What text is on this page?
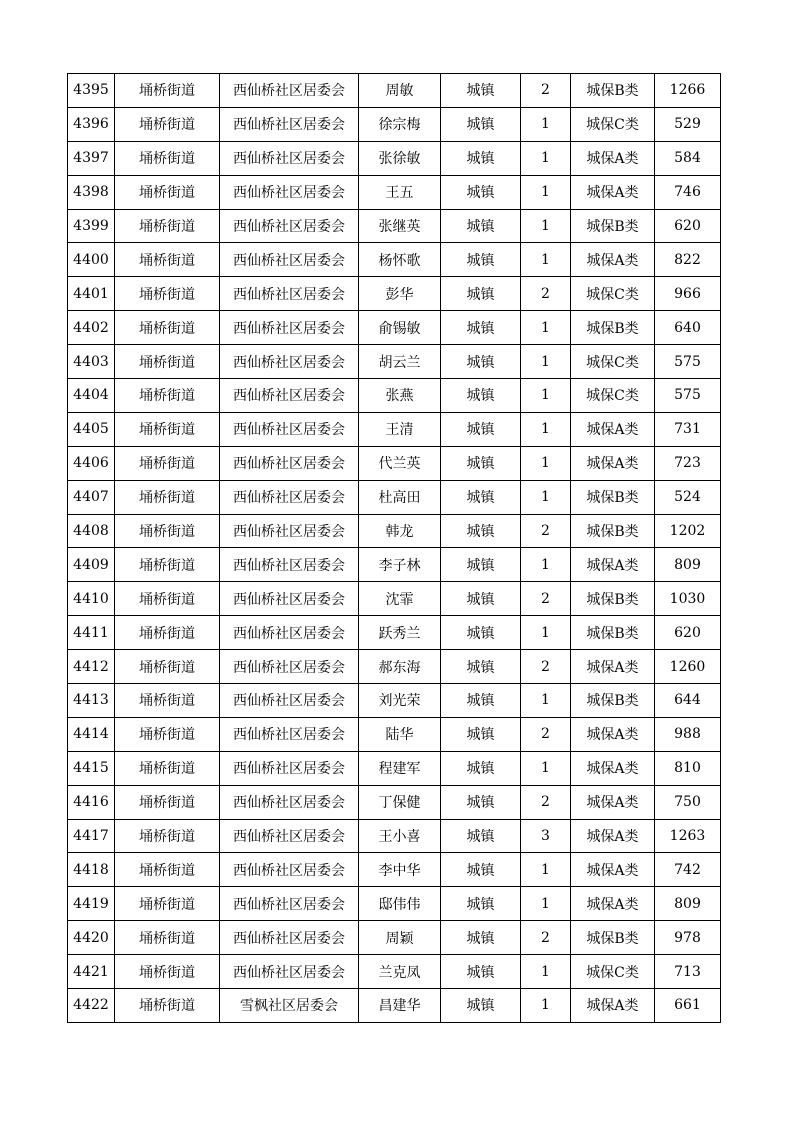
4395	埇桥街道	西仙桥社区居委会	周敏	城镇	2	城保B类	1266
4396	埇桥街道	西仙桥社区居委会	徐宗梅	城镇	1	城保C类	529
4397	埇桥街道	西仙桥社区居委会	张徐敏	城镇	1	城保A类	584
4398	埇桥街道	西仙桥社区居委会	王五	城镇	1	城保A类	746
4399	埇桥街道	西仙桥社区居委会	张继英	城镇	1	城保B类	620
4400	埇桥街道	西仙桥社区居委会	杨怀歌	城镇	1	城保A类	822
4401	埇桥街道	西仙桥社区居委会	彭华	城镇	2	城保C类	966
4402	埇桥街道	西仙桥社区居委会	俞锡敏	城镇	1	城保B类	640
4403	埇桥街道	西仙桥社区居委会	胡云兰	城镇	1	城保C类	575
4404	埇桥街道	西仙桥社区居委会	张燕	城镇	1	城保C类	575
4405	埇桥街道	西仙桥社区居委会	王清	城镇	1	城保A类	731
4406	埇桥街道	西仙桥社区居委会	代兰英	城镇	1	城保A类	723
4407	埇桥街道	西仙桥社区居委会	杜高田	城镇	1	城保B类	524
4408	埇桥街道	西仙桥社区居委会	韩龙	城镇	2	城保B类	1202
4409	埇桥街道	西仙桥社区居委会	李子林	城镇	1	城保A类	809
4410	埇桥街道	西仙桥社区居委会	沈霏	城镇	2	城保B类	1030
4411	埇桥街道	西仙桥社区居委会	跃秀兰	城镇	1	城保B类	620
4412	埇桥街道	西仙桥社区居委会	郝东海	城镇	2	城保A类	1260
4413	埇桥街道	西仙桥社区居委会	刘光荣	城镇	1	城保B类	644
4414	埇桥街道	西仙桥社区居委会	陆华	城镇	2	城保A类	988
4415	埇桥街道	西仙桥社区居委会	程建军	城镇	1	城保A类	810
4416	埇桥街道	西仙桥社区居委会	丁保健	城镇	2	城保A类	750
4417	埇桥街道	西仙桥社区居委会	王小喜	城镇	3	城保A类	1263
4418	埇桥街道	西仙桥社区居委会	李中华	城镇	1	城保A类	742
4419	埇桥街道	西仙桥社区居委会	邸伟伟	城镇	1	城保A类	809
4420	埇桥街道	西仙桥社区居委会	周颖	城镇	2	城保B类	978
4421	埇桥街道	西仙桥社区居委会	兰克凤	城镇	1	城保C类	713
4422	埇桥街道	雪枫社区居委会	昌建华	城镇	1	城保A类	661
